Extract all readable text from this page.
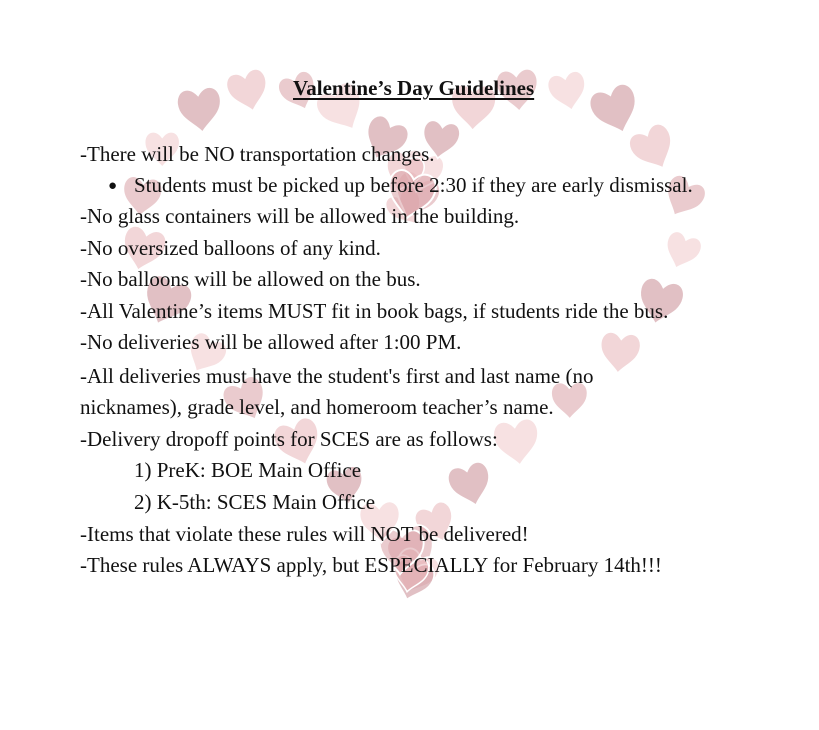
Valentine’s Day Guidelines
-There will be NO transportation changes.
● Students must be picked up before 2:30 if they are early dismissal.
-No glass containers will be allowed in the building.
-No oversized balloons of any kind.
-No balloons will be allowed on the bus.
-All Valentine’s items MUST fit in book bags, if students ride the bus.
-No deliveries will be allowed after 1:00 PM.
-All deliveries must have the student's first and last name (no
nicknames), grade level, and homeroom teacher’s name.
-Delivery dropoff points for SCES are as follows:
1) PreK: BOE Main Office
2) K-5th: SCES Main Office
-Items that violate these rules will NOT be delivered!
-These rules ALWAYS apply, but ESPECIALLY for February 14th!!!
